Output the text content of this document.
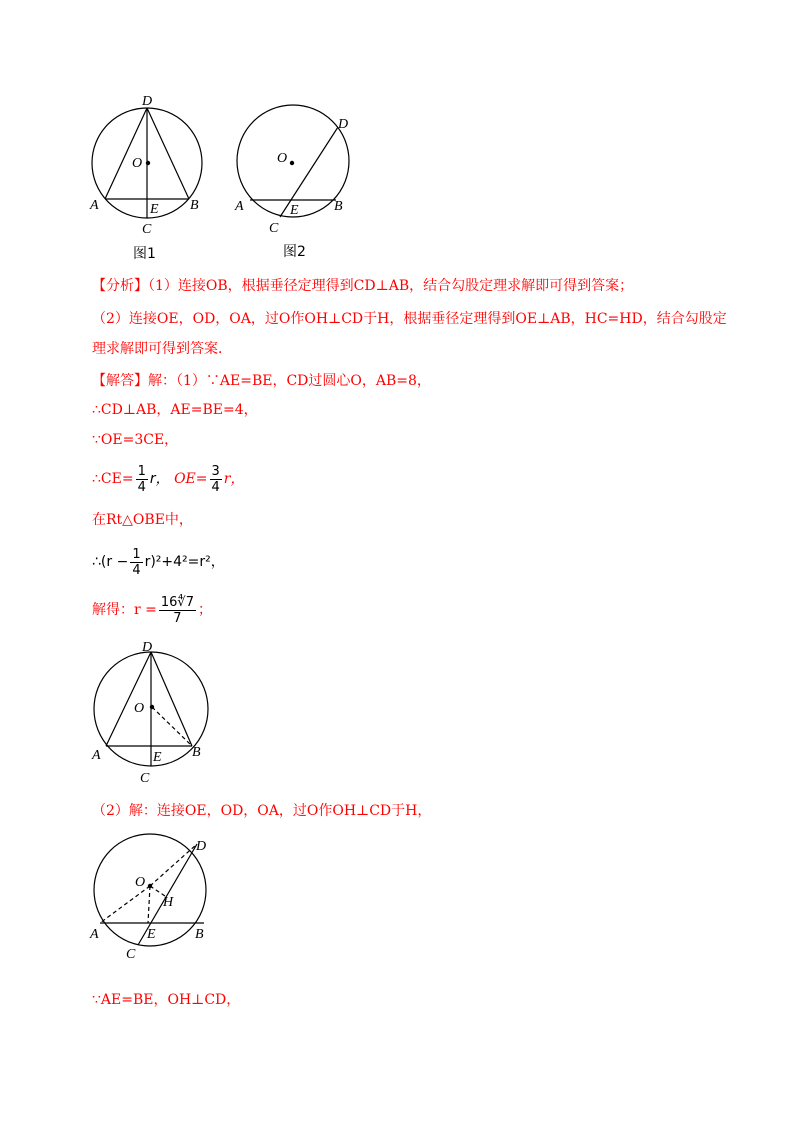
D
O
A	E B
C
图1
D
O
A	E	B
C
图2
【分析】（1）连接OB，根据垂径定理得到CD⊥AB，结合勾股定理求解即可得到答案；
（2）连接OE，OD，OA，过O作OH⊥CD于H，根据垂径定理得到OE⊥AB，HC=HD，结合勾股定
理求解即可得到答案．
【解答】解：（1）∵AE=BE，CD过圆心O，AB=8，
∴CD⊥AB，AE=BE=4，
∵OE=3CE，
∴CE= $\frac{1}{4}$ r， $OE= \frac{3}{4}$ r，
在Rt△OBE中，
∴(r − $\frac{1}{4} r)^2+4^2=r^2$，
解得：$r = \frac{16∜7}{7}$ ；
D
O
A	E B
C
（2）解：连接OE，OD，OA，过O作OH⊥CD于H，
D
O
H
A	E	B
C
∵AE=BE，OH⊥CD，
